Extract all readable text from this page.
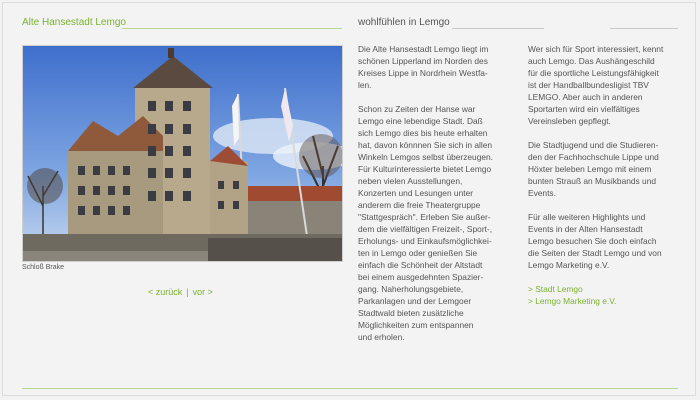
Alte Hansestadt Lemgo	wohlfühlen in Lemgo
Schloß Brake
< zurück | vor >

Die Alte Hansestadt Lemgo liegt im
schönen Lipperland im Norden des
Kreises Lippe in Nordrhein Westfa-
len.

Schon zu Zeiten der Hanse war
Lemgo eine lebendige Stadt. Daß
sich Lemgo dies bis heute erhalten
hat, davon könnnen Sie sich in allen
Winkeln Lemgos selbst überzeugen.
Für Kulturinteressierte bietet Lemgo
neben vielen Ausstellungen,
Konzerten und Lesungen unter
anderem die freie Theatergruppe
"Stattgespräch". Erleben Sie außer-
dem die vielfältigen Freizeit-, Sport-,
Erholungs- und Einkaufsmöglichkei-
ten in Lemgo oder genießen Sie
einfach die Schönheit der Altstadt
bei einem ausgedehnten Spazier-
gang. Naherholungsgebiete,
Parkanlagen und der Lemgoer
Stadtwald bieten zusätzliche
Möglichkeiten zum entspannen
und erholen.

Wer sich für Sport interessiert, kennt
auch Lemgo. Das Aushängeschild
für die sportliche Leistungsfähigkeit
ist der Handballbundesligist TBV
LEMGO. Aber auch in anderen
Sportarten wird ein vielfältiges
Vereinsleben gepflegt.

Die Stadtjugend und die Studieren-
den der Fachhochschule Lippe und
Höxter beleben Lemgo mit einem
bunten Strauß an Musikbands und
Events.

Für alle weiteren Highlights und
Events in der Alten Hansestadt
Lemgo besuchen Sie doch einfach
die Seiten der Stadt Lemgo und von
Lemgo Marketing e.V.

> Stadt Lemgo
> Lemgo Marketing e.V.
